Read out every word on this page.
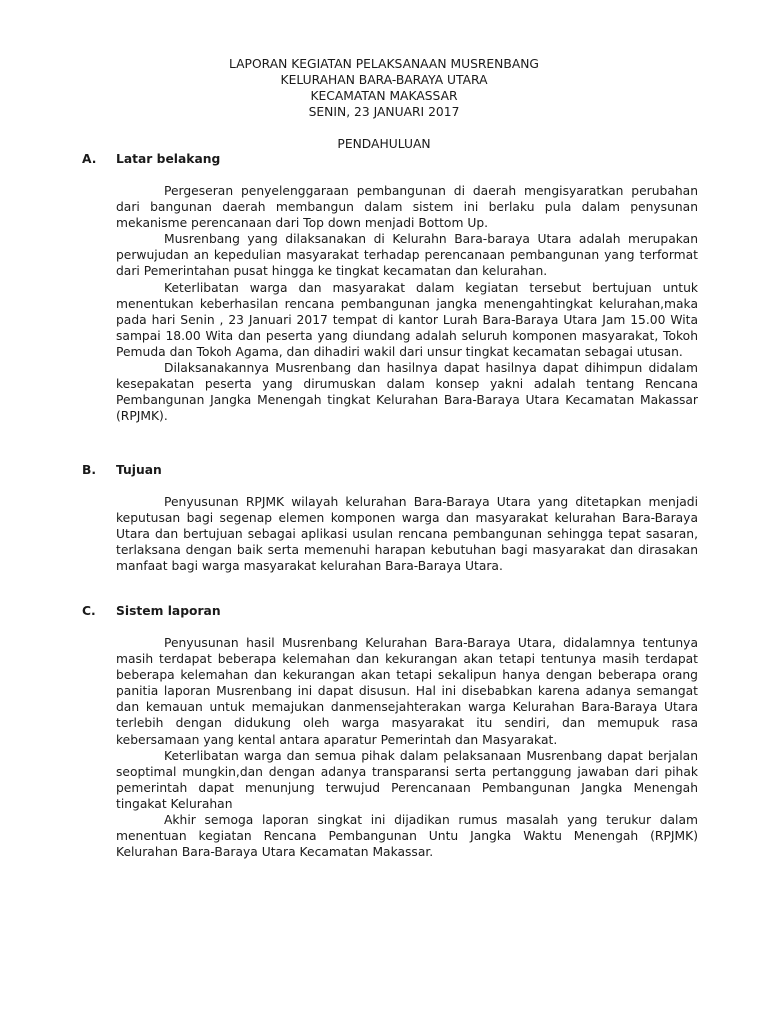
LAPORAN KEGIATAN PELAKSANAAN MUSRENBANG
KELURAHAN BARA-BARAYA UTARA
KECAMATAN MAKASSAR
SENIN, 23 JANUARI 2017
PENDAHULUAN
A. Latar belakang

Pergeseran penyelenggaraan pembangunan di daerah mengisyaratkan perubahan dari bangunan daerah membangun dalam sistem ini berlaku pula dalam penysunan mekanisme perencanaan dari Top down menjadi Bottom Up.

Musrenbang yang dilaksanakan di Kelurahn Bara-baraya Utara adalah merupakan perwujudan an kepedulian masyarakat terhadap perencanaan pembangunan yang terformat dari Pemerintahan pusat hingga ke tingkat kecamatan dan kelurahan.

Keterlibatan warga dan masyarakat dalam kegiatan tersebut bertujuan untuk menentukan keberhasilan rencana pembangunan jangka menengahtingkat kelurahan,maka pada hari Senin , 23 Januari 2017 tempat di kantor Lurah Bara-Baraya Utara Jam 15.00 Wita sampai 18.00 Wita dan peserta yang diundang adalah seluruh komponen masyarakat, Tokoh Pemuda dan Tokoh Agama, dan dihadiri wakil dari unsur tingkat kecamatan sebagai utusan.

Dilaksanakannya Musrenbang dan hasilnya dapat hasilnya dapat dihimpun didalam kesepakatan peserta yang dirumuskan dalam konsep yakni adalah tentang Rencana Pembangunan Jangka Menengah tingkat Kelurahan Bara-Baraya Utara Kecamatan Makassar (RPJMK).

B. Tujuan

Penyusunan RPJMK wilayah kelurahan Bara-Baraya Utara yang ditetapkan menjadi keputusan bagi segenap elemen komponen warga dan masyarakat kelurahan Bara-Baraya Utara dan bertujuan sebagai aplikasi usulan rencana pembangunan sehingga tepat sasaran, terlaksana dengan baik serta memenuhi harapan kebutuhan bagi masyarakat dan dirasakan manfaat bagi warga masyarakat kelurahan Bara-Baraya Utara.

C. Sistem laporan

Penyusunan hasil Musrenbang Kelurahan Bara-Baraya Utara, didalamnya tentunya masih terdapat beberapa kelemahan dan kekurangan akan tetapi tentunya masih terdapat beberapa kelemahan dan kekurangan akan tetapi sekalipun hanya dengan beberapa orang panitia laporan Musrenbang ini dapat disusun. Hal ini disebabkan karena adanya semangat dan kemauan untuk memajukan danmensejahterakan warga Kelurahan Bara-Baraya Utara terlebih dengan didukung oleh warga masyarakat itu sendiri, dan memupuk rasa kebersamaan yang kental antara aparatur Pemerintah dan Masyarakat.

Keterlibatan warga dan semua pihak dalam pelaksanaan Musrenbang dapat berjalan seoptimal mungkin,dan dengan adanya transparansi serta pertanggung jawaban dari pihak pemerintah dapat menunjung terwujud Perencanaan Pembangunan Jangka Menengah tingakat Kelurahan

Akhir semoga laporan singkat ini dijadikan rumus masalah yang terukur dalam menentuan kegiatan Rencana Pembangunan Untu Jangka Waktu Menengah (RPJMK) Kelurahan Bara-Baraya Utara Kecamatan Makassar.
